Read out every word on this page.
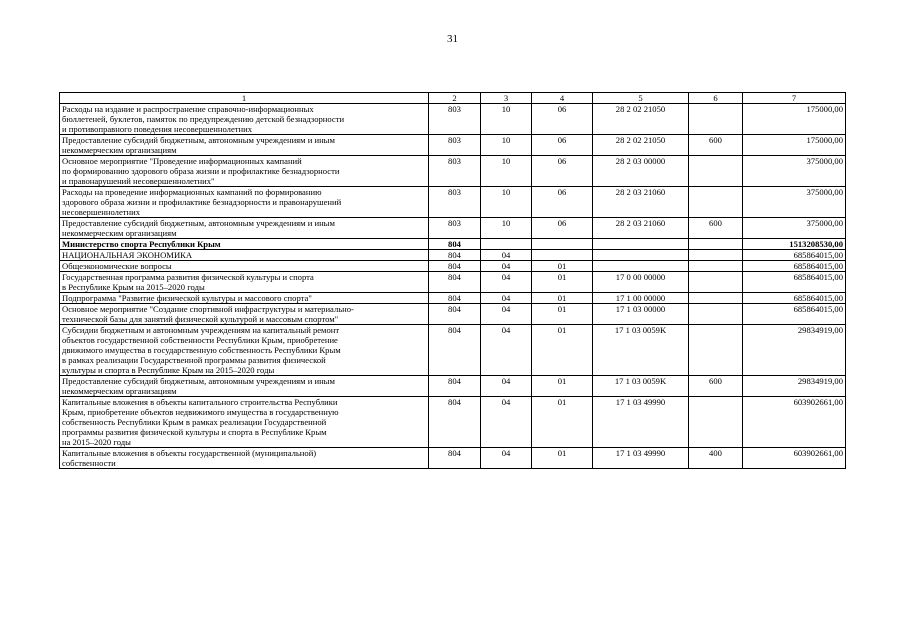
31
1	2	3	4	5	6	7

Расходы на издание и распространение справочно-информационных
бюллетеней, буклетов, памяток по предупреждению детской безнадзорности
и противоправного поведения несовершеннолетних	803	10	06	28 2 02 21050		175000,00

Предоставление субсидий бюджетным, автономным учреждениям и иным
некоммерческим организациям	803	10	06	28 2 02 21050	600	175000,00

Основное мероприятие "Проведение информационных кампаний
по формированию здорового образа жизни и профилактике безнадзорности
и правонарушений несовершеннолетних"	803	10	06	28 2 03 00000		375000,00

Расходы на проведение информационных кампаний по формированию
здорового образа жизни и профилактике безнадзорности и правонарушений
несовершеннолетних	803	10	06	28 2 03 21060		375000,00

Предоставление субсидий бюджетным, автономным учреждениям и иным
некоммерческим организациям	803	10	06	28 2 03 21060	600	375000,00

Министерство спорта Республики Крым	804					1513208530,00

НАЦИОНАЛЬНАЯ ЭКОНОМИКА	804	04				685864015,00

Общеэкономические вопросы	804	04	01			685864015,00

Государственная программа развития физической культуры и спорта
в Республике Крым на 2015–2020 годы	804	04	01	17 0 00 00000		685864015,00

Подпрограмма "Развитие физической культуры и массового спорта"	804	04	01	17 1 00 00000		685864015,00

Основное мероприятие "Создание спортивной инфраструктуры и материально-
технической базы для занятий физической культурой и массовым спортом"	804	04	01	17 1 03 00000		685864015,00

Субсидии бюджетным и автономным учреждениям на капитальный ремонт
объектов государственной собственности Республики Крым, приобретение
движимого имущества в государственную собственность Республики Крым
в рамках реализации Государственной программы развития физической
культуры и спорта в Республике Крым на 2015–2020 годы	804	04	01	17 1 03 0059K		29834919,00

Предоставление субсидий бюджетным, автономным учреждениям и иным
некоммерческим организациям	804	04	01	17 1 03 0059K	600	29834919,00

Капитальные вложения в объекты капитального строительства Республики
Крым, приобретение объектов недвижимого имущества в государственную
собственность Республики Крым в рамках реализации Государственной
программы развития физической культуры и спорта в Республике Крым
на 2015–2020 годы	804	04	01	17 1 03 49990		603902661,00

Капитальные вложения в объекты государственной (муниципальной)
собственности	804	04	01	17 1 03 49990	400	603902661,00
